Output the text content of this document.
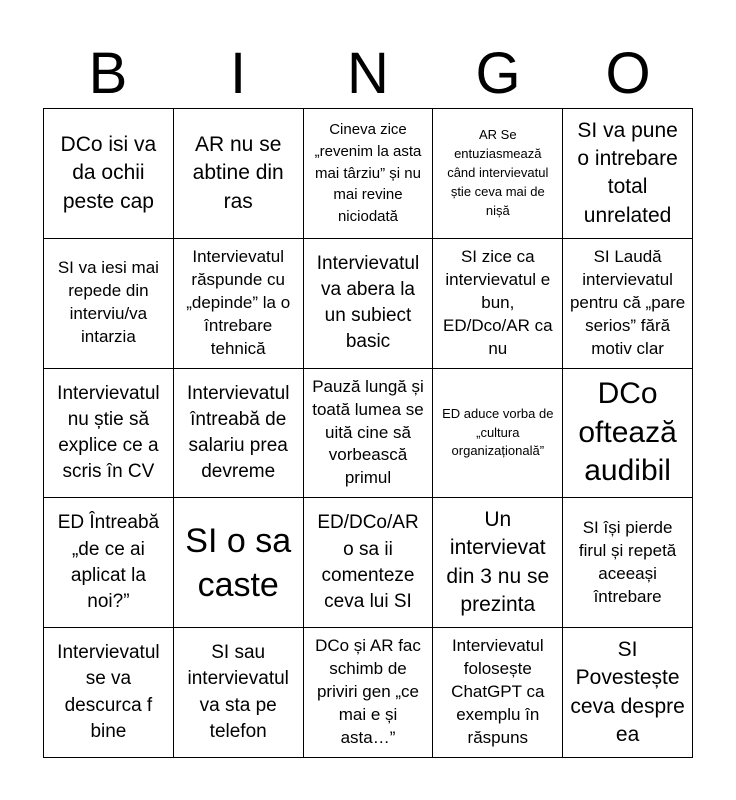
B	I	N	G	O
DCo isi va da ochii peste cap
AR nu se abtine din ras
Cineva zice „revenim la asta mai târziu” și nu mai revine niciodată
AR Se entuziasmează când intervievatul știe ceva mai de nișă
SI va pune o intrebare total unrelated
SI va iesi mai repede din interviu/va intarzia
Intervievatul răspunde cu „depinde” la o întrebare tehnică
Intervievatul va abera la un subiect basic
SI zice ca intervievatul e bun, ED/Dco/AR ca nu
SI Laudă intervievatul pentru că „pare serios” fără motiv clar
Intervievatul nu știe să explice ce a scris în CV
Intervievatul întreabă de salariu prea devreme
Pauză lungă și toată lumea se uită cine să vorbească primul
ED aduce vorba de „cultura organizațională”
DCo oftează audibil
ED Întreabă „de ce ai aplicat la noi?”
SI o sa caste
ED/DCo/AR o sa ii comenteze ceva lui SI
Un intervievat din 3 nu se prezinta
SI își pierde firul și repetă aceeași întrebare
Intervievatul se va descurca f bine
SI sau intervievatul va sta pe telefon
DCo și AR fac schimb de priviri gen „ce mai e și asta…”
Intervievatul folosește ChatGPT ca exemplu în răspuns
SI Povestește ceva despre ea
